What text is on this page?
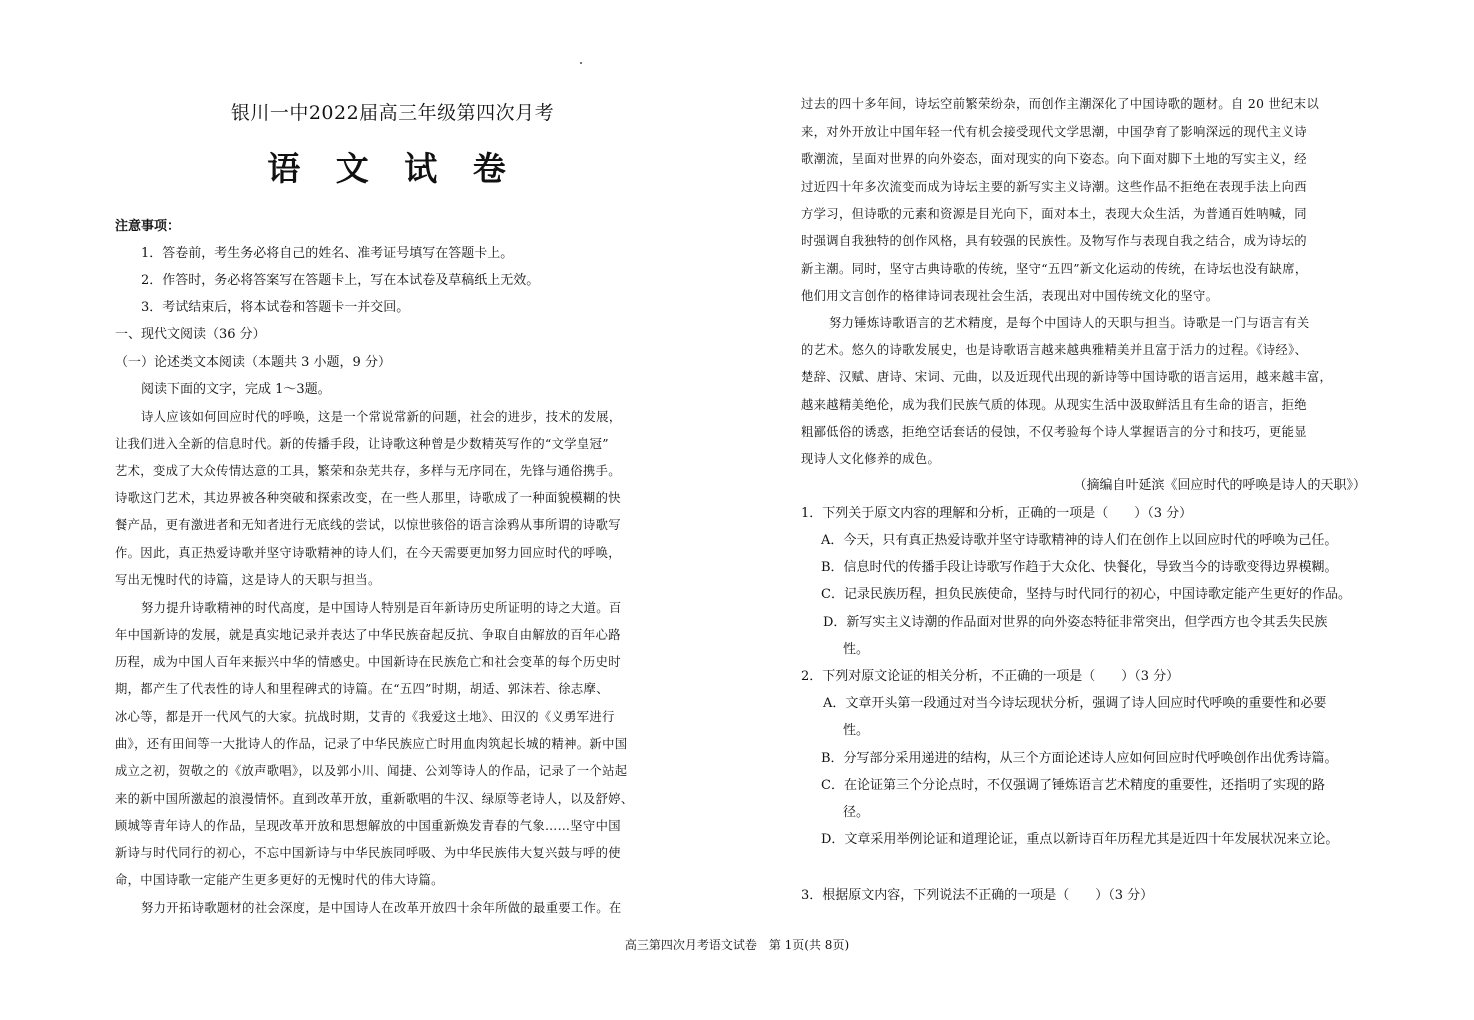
银川一中2022届高三年级第四次月考
语 文 试 卷
注意事项：
1．答卷前，考生务必将自己的姓名、准考证号填写在答题卡上。
2．作答时，务必将答案写在答题卡上，写在本试卷及草稿纸上无效。
3．考试结束后，将本试卷和答题卡一并交回。
一、现代文阅读（36 分）
（一）论述类文本阅读（本题共 3 小题，9 分）
阅读下面的文字，完成 1～3题。
诗人应该如何回应时代的呼唤，这是一个常说常新的问题，社会的进步，技术的发展，
让我们进入全新的信息时代。新的传播手段，让诗歌这种曾是少数精英写作的“文学皇冠”
艺术，变成了大众传情达意的工具，繁荣和杂芜共存，多样与无序同在，先锋与通俗携手。
诗歌这门艺术，其边界被各种突破和探索改变，在一些人那里，诗歌成了一种面貌模糊的快
餐产品，更有激进者和无知者进行无底线的尝试，以惊世骇俗的语言涂鸦从事所谓的诗歌写
作。因此，真正热爱诗歌并坚守诗歌精神的诗人们，在今天需要更加努力回应时代的呼唤，
写出无愧时代的诗篇，这是诗人的天职与担当。
努力提升诗歌精神的时代高度，是中国诗人特别是百年新诗历史所证明的诗之大道。百
年中国新诗的发展，就是真实地记录并表达了中华民族奋起反抗、争取自由解放的百年心路
历程，成为中国人百年来振兴中华的情感史。中国新诗在民族危亡和社会变革的每个历史时
期，都产生了代表性的诗人和里程碑式的诗篇。在“五四”时期，胡适、郭沫若、徐志摩、
冰心等，都是开一代风气的大家。抗战时期，艾青的《我爱这土地》、田汉的《义勇军进行
曲》，还有田间等一大批诗人的作品，记录了中华民族应亡时用血肉筑起长城的精神。新中国
成立之初，贺敬之的《放声歌唱》，以及郭小川、闻捷、公刘等诗人的作品，记录了一个站起
来的新中国所激起的浪漫情怀。直到改革开放，重新歌唱的牛汉、绿原等老诗人，以及舒婷、
顾城等青年诗人的作品，呈现改革开放和思想解放的中国重新焕发青春的气象……坚守中国
新诗与时代同行的初心，不忘中国新诗与中华民族同呼吸、为中华民族伟大复兴鼓与呼的使
命，中国诗歌一定能产生更多更好的无愧时代的伟大诗篇。
努力开拓诗歌题材的社会深度，是中国诗人在改革开放四十余年所做的最重要工作。在
过去的四十多年间，诗坛空前繁荣纷杂，而创作主潮深化了中国诗歌的题材。自 20 世纪末以
来，对外开放让中国年轻一代有机会接受现代文学思潮，中国孕育了影响深远的现代主义诗
歌潮流，呈面对世界的向外姿态，面对现实的向下姿态。向下面对脚下土地的写实主义，经
过近四十年多次流变而成为诗坛主要的新写实主义诗潮。这些作品不拒绝在表现手法上向西
方学习，但诗歌的元素和资源是目光向下，面对本土，表现大众生活，为普通百姓呐喊，同
时强调自我独特的创作风格，具有较强的民族性。及物写作与表现自我之结合，成为诗坛的
新主潮。同时，坚守古典诗歌的传统，坚守“五四”新文化运动的传统，在诗坛也没有缺席，
他们用文言创作的格律诗词表现社会生活，表现出对中国传统文化的坚守。
努力锤炼诗歌语言的艺术精度，是每个中国诗人的天职与担当。诗歌是一门与语言有关
的艺术。悠久的诗歌发展史，也是诗歌语言越来越典雅精美并且富于活力的过程。《诗经》、
楚辞、汉赋、唐诗、宋词、元曲，以及近现代出现的新诗等中国诗歌的语言运用，越来越丰富，
越来越精美绝伦，成为我们民族气质的体现。从现实生活中汲取鲜活且有生命的语言，拒绝
粗鄙低俗的诱惑，拒绝空话套话的侵蚀，不仅考验每个诗人掌握语言的分寸和技巧，更能显
现诗人文化修养的成色。
（摘编自叶延滨《回应时代的呼唤是诗人的天职》）
1．下列关于原文内容的理解和分析，正确的一项是（　　）（3 分）
A．今天，只有真正热爱诗歌并坚守诗歌精神的诗人们在创作上以回应时代的呼唤为己任。
B．信息时代的传播手段让诗歌写作趋于大众化、快餐化，导致当今的诗歌变得边界模糊。
C．记录民族历程，担负民族使命，坚持与时代同行的初心，中国诗歌定能产生更好的作品。
D．新写实主义诗潮的作品面对世界的向外姿态特征非常突出，但学西方也令其丢失民族
性。
2．下列对原文论证的相关分析，不正确的一项是（　　）（3 分）
A．文章开头第一段通过对当今诗坛现状分析，强调了诗人回应时代呼唤的重要性和必要
性。
B．分写部分采用递进的结构，从三个方面论述诗人应如何回应时代呼唤创作出优秀诗篇。
C．在论证第三个分论点时，不仅强调了锤炼语言艺术精度的重要性，还指明了实现的路
径。
D．文章采用举例论证和道理论证，重点以新诗百年历程尤其是近四十年发展状况来立论。
3．根据原文内容，下列说法不正确的一项是（　　）（3 分）
高三第四次月考语文试卷　第 1页(共 8页)
